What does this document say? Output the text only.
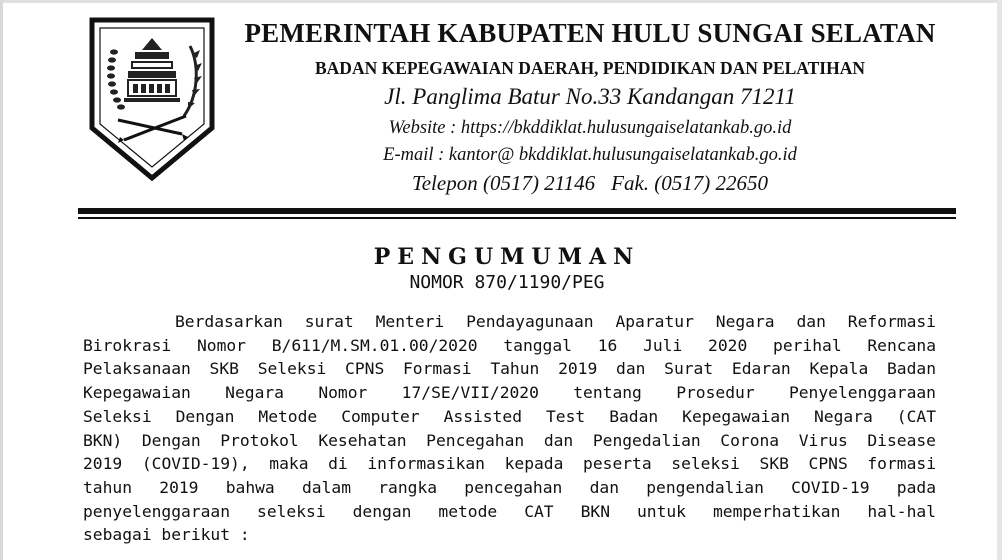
PEMERINTAH KABUPATEN HULU SUNGAI SELATAN
BADAN KEPEGAWAIAN DAERAH, PENDIDIKAN DAN PELATIHAN
Jl. Panglima Batur No.33 Kandangan 71211
Website : https://bkddiklat.hulusungaiselatankab.go.id
E-mail : kantor@ bkddiklat.hulusungaiselatankab.go.id
Telepon (0517) 21146 Fak. (0517) 22650
PENGUMUMAN
NOMOR 870/1190/PEG
Berdasarkan surat Menteri Pendayagunaan Aparatur Negara dan Reformasi
Birokrasi Nomor B/611/M.SM.01.00/2020 tanggal 16 Juli 2020 perihal Rencana
Pelaksanaan SKB Seleksi CPNS Formasi Tahun 2019 dan Surat Edaran Kepala Badan
Kepegawaian Negara Nomor 17/SE/VII/2020 tentang Prosedur Penyelenggaraan
Seleksi Dengan Metode Computer Assisted Test Badan Kepegawaian Negara (CAT
BKN) Dengan Protokol Kesehatan Pencegahan dan Pengedalian Corona Virus Disease
2019 (COVID-19), maka di informasikan kepada peserta seleksi SKB CPNS formasi
tahun 2019 bahwa dalam rangka pencegahan dan pengendalian COVID-19 pada
penyelenggaraan seleksi dengan metode CAT BKN untuk memperhatikan hal-hal
sebagai berikut :
